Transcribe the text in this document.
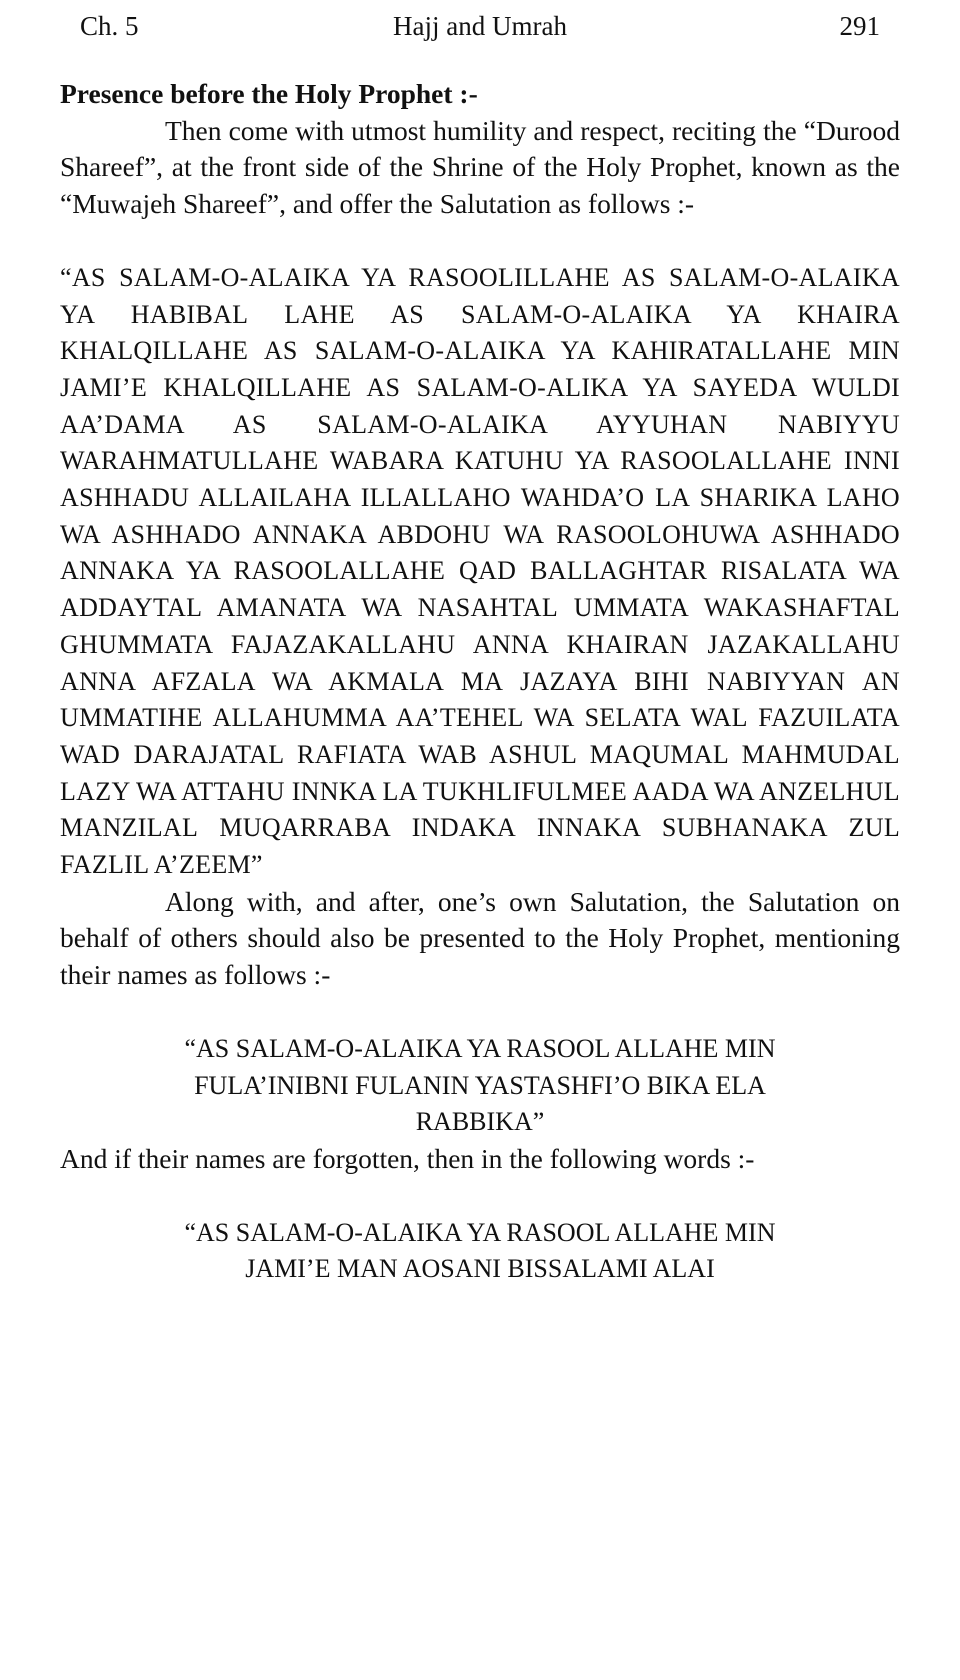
Ch. 5	Hajj and Umrah	291

Presence before the Holy Prophet :-

Then come with utmost humility and respect, reciting the “Durood Shareef”, at the front side of the Shrine of the Holy Prophet, known as the “Muwajeh Shareef”, and offer the Salutation as follows :-

“AS SALAM-O-ALAIKA YA RASOOLILLAHE AS SALAM-O-ALAIKA YA HABIBAL LAHE AS SALAM-O-ALAIKA YA KHAIRA KHALQILLAHE AS SALAM-O-ALAIKA YA KAHIRATALLAHE MIN JAMI’E KHALQILLAHE AS SALAM-O-ALIKA YA SAYEDA WULDI AA’DAMA AS SALAM-O-ALAIKA AYYUHAN NABIYYU WARAHMATULLAHE WABARA KATUHU YA RASOOLALLAHE INNI ASHHADU ALLAILAHA ILLALLAHO WAHDA’O LA SHARIKA LAHO WA ASHHADO ANNAKA ABDOHU WA RASOOLOHUWA ASHHADO ANNAKA YA RASOOLALLAHE QAD BALLAGHTAR RISALATA WA ADDAYTAL AMANATA WA NASAHTAL UMMATA WAKASHAFTAL GHUMMATA FAJAZAKALLAHU ANNA KHAIRAN JAZAKALLAHU ANNA AFZALA WA AKMALA MA JAZAYA BIHI NABIYYAN AN UMMATIHE ALLAHUMMA AA’TEHEL WA SELATA WAL FAZUILATA WAD DARAJATAL RAFIATA WAB ASHUL MAQUMAL MAHMUDAL LAZY WA ATTAHU INNKA LA TUKHLIFULMEE AADA WA ANZELHUL MANZILAL MUQARRABA INDAKA INNAKA SUBHANAKA ZUL FAZLIL A’ZEEM”

Along with, and after, one’s own Salutation, the Salutation on behalf of others should also be presented to the Holy Prophet, mentioning their names as follows :-

“AS SALAM-O-ALAIKA YA RASOOL ALLAHE MIN
FULA’INIBNI FULANIN YASTASHFI’O BIKA ELA
RABBIKA”

And if their names are forgotten, then in the following words :-

“AS SALAM-O-ALAIKA YA RASOOL ALLAHE MIN
JAMI’E MAN AOSANI BISSALAMI ALAI
